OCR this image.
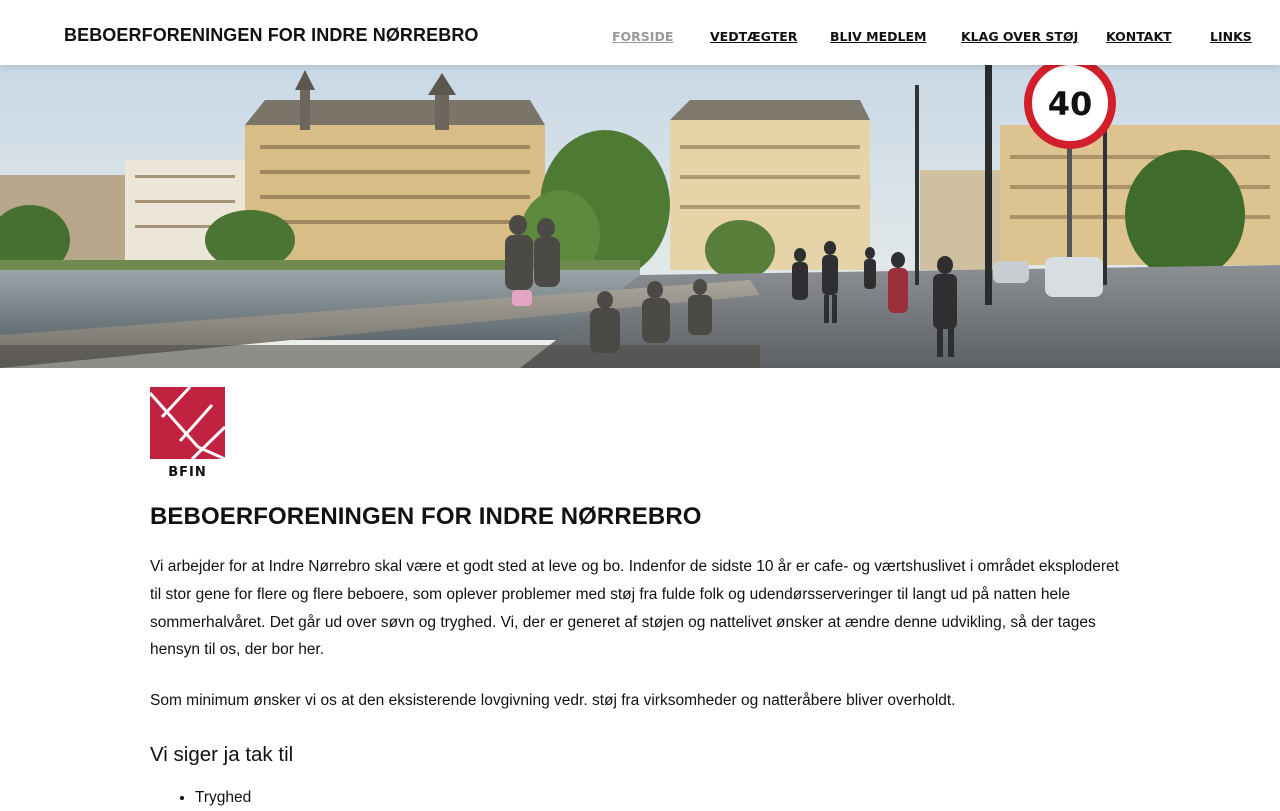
BEBOERFORENINGEN FOR INDRE NØRREBRO	FORSIDE	VEDTÆGTER	BLIV MEDLEM	KLAG OVER STØJ KONTAKT	LINKS
40
BFIN
BEBOERFORENINGEN FOR INDRE NØRREBRO

Vi arbejder for at Indre Nørrebro skal være et godt sted at leve og bo. Indenfor de sidste 10 år er cafe- og værtshuslivet i området eksploderet til stor gene for flere og flere beboere, som oplever problemer med støj fra fulde folk og udendørsserveringer til langt ud på natten hele sommerhalvåret. Det går ud over søvn og tryghed. Vi, der er generet af støjen og nattelivet ønsker at ændre denne udvikling, så der tages hensyn til os, der bor her.

Som minimum ønsker vi os at den eksisterende lovgivning vedr. støj fra virksomheder og natteråbere bliver overholdt.

Vi siger ja tak til
• Tryghed
